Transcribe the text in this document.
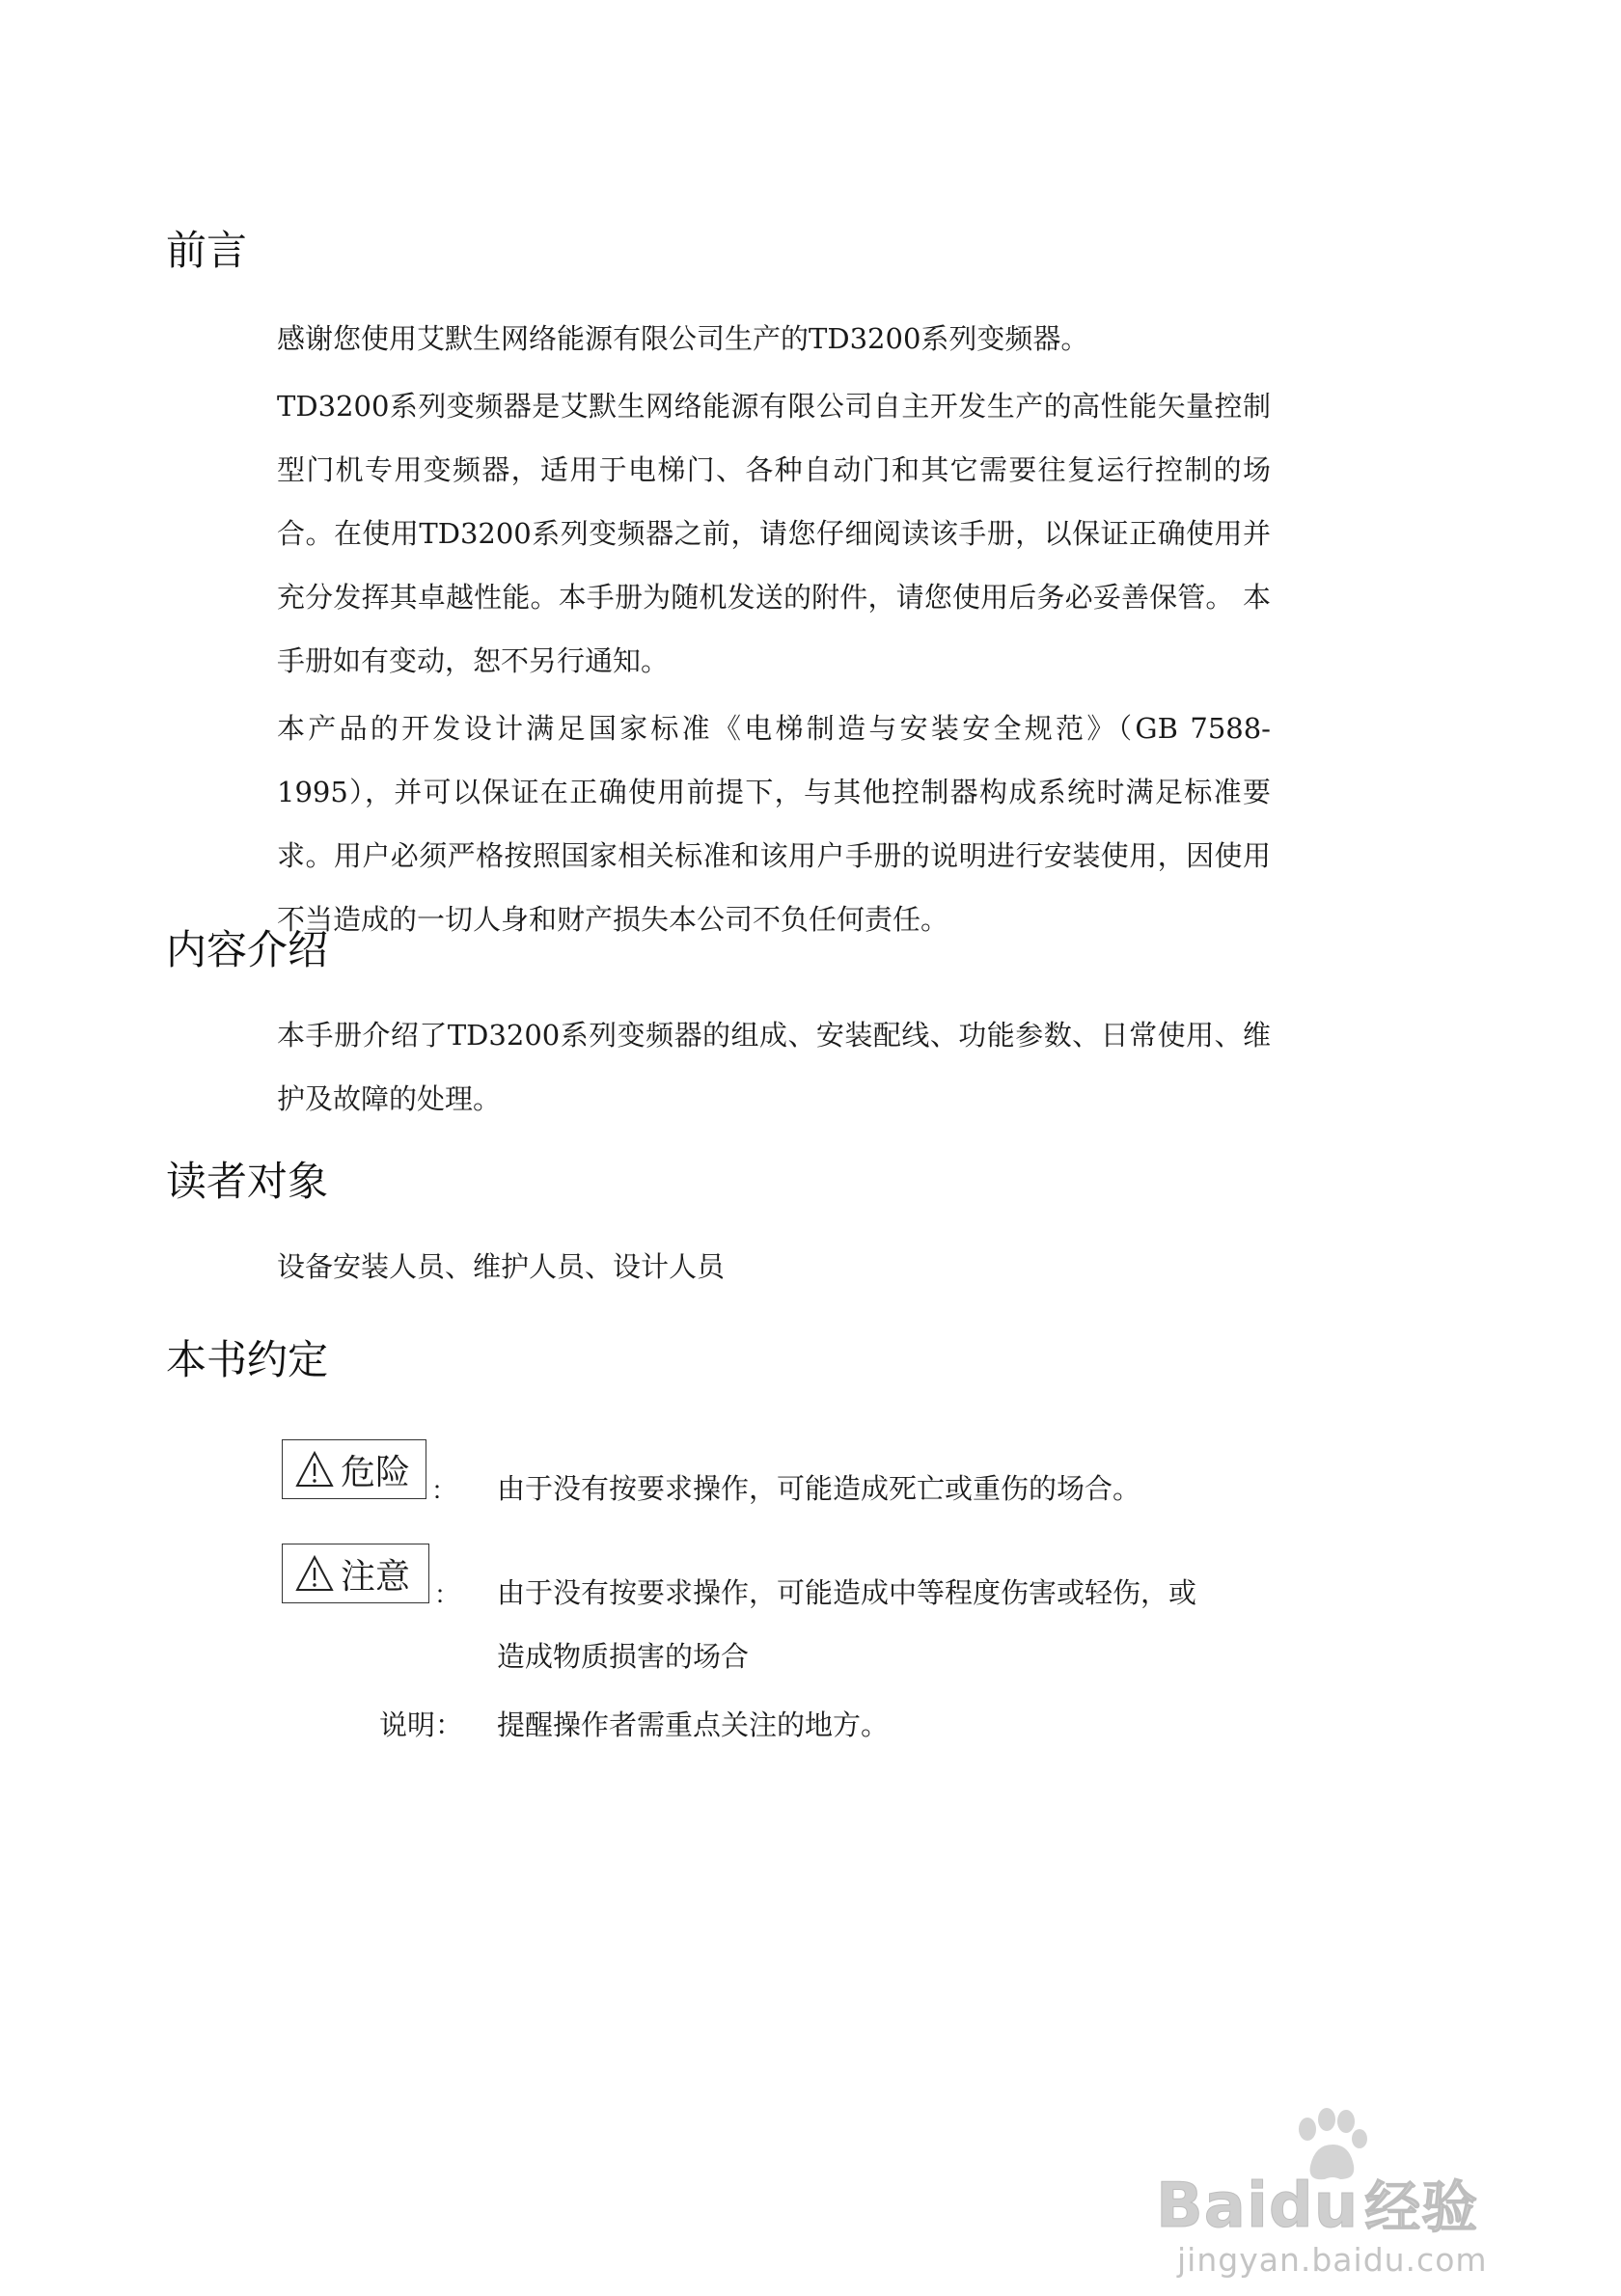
前言

感谢您使用艾默生网络能源有限公司生产的TD3200系列变频器。

TD3200系列变频器是艾默生网络能源有限公司自主开发生产的高性能矢量控制型门机专用变频器，适用于电梯门、各种自动门和其它需要往复运行控制的场合。在使用TD3200系列变频器之前，请您仔细阅读该手册，以保证正确使用并充分发挥其卓越性能。本手册为随机发送的附件，请您使用后务必妥善保管。 本手册如有变动，恕不另行通知。

本产品的开发设计满足国家标准《电梯制造与安装安全规范》（GB 7588-1995），并可以保证在正确使用前提下，与其他控制器构成系统时满足标准要求。用户必须严格按照国家相关标准和该用户手册的说明进行安装使用，因使用不当造成的一切人身和财产损失本公司不负任何责任。

内容介绍

本手册介绍了TD3200系列变频器的组成、安装配线、功能参数、日常使用、维护及故障的处理。

读者对象

设备安装人员、维护人员、设计人员

本书约定
危险 ： 由于没有按要求操作，可能造成死亡或重伤的场合。

注意 ： 由于没有按要求操作，可能造成中等程度伤害或轻伤，或

造成物质损害的场合

说明： 提醒操作者需重点关注的地方。

Baidu 经验
jingyan.baidu.com
